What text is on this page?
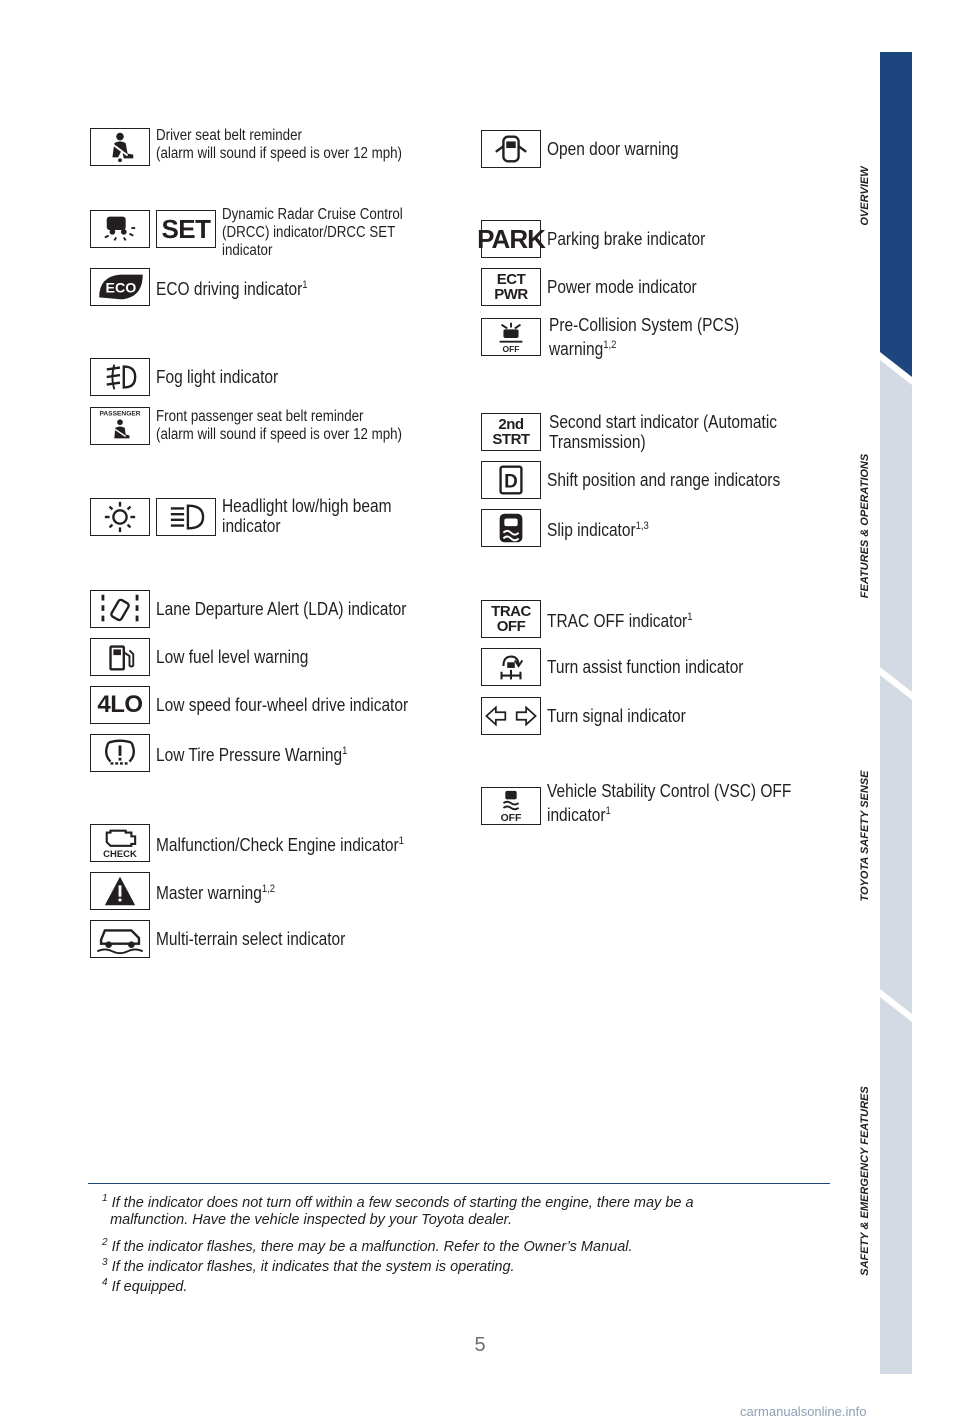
OVERVIEW
FEATURES & OPERATIONS
TOYOTA SAFETY SENSE
SAFETY & EMERGENCY FEATURES
Driver seat belt reminder
(alarm will sound if speed is over 12 mph)
SET Dynamic Radar Cruise Control
(DRCC) indicator/DRCC SET
indicator
ECO ECO driving indicator$^1$
Fog light indicator
PASSENGER Front passenger seat belt reminder
(alarm will sound if speed is over 12 mph)
Headlight low/high beam
indicator
Lane Departure Alert (LDA) indicator
Low fuel level warning
4LO Low speed four-wheel drive indicator
Low Tire Pressure Warning$^1$
CHECK Malfunction/Check Engine indicator$^1$
Master warning$^{1,2}$
Multi-terrain select indicator
Open door warning
PARK Parking brake indicator
ECT
PWR Power mode indicator
OFF
Pre-Collision System (PCS)
warning$^{1,2}$
2nd
STRT
Second start indicator (Automatic
Transmission)
D Shift position and range indicators
Slip indicator$^{1,3}$
TRAC
OFF	TRAC OFF indicator$^1$
Turn assist function indicator
Turn signal indicator
OFF
Vehicle Stability Control (VSC) OFF
indicator$^1$
$^1$ If the indicator does not turn off within a few seconds of starting the engine, there may be a
malfunction. Have the vehicle inspected by your Toyota dealer.
$^2$ If the indicator flashes, there may be a malfunction. Refer to the Owner’s Manual.
$^3$ If the indicator flashes, it indicates that the system is operating.
$^4$ If equipped.
5
carmanualsonline.info
